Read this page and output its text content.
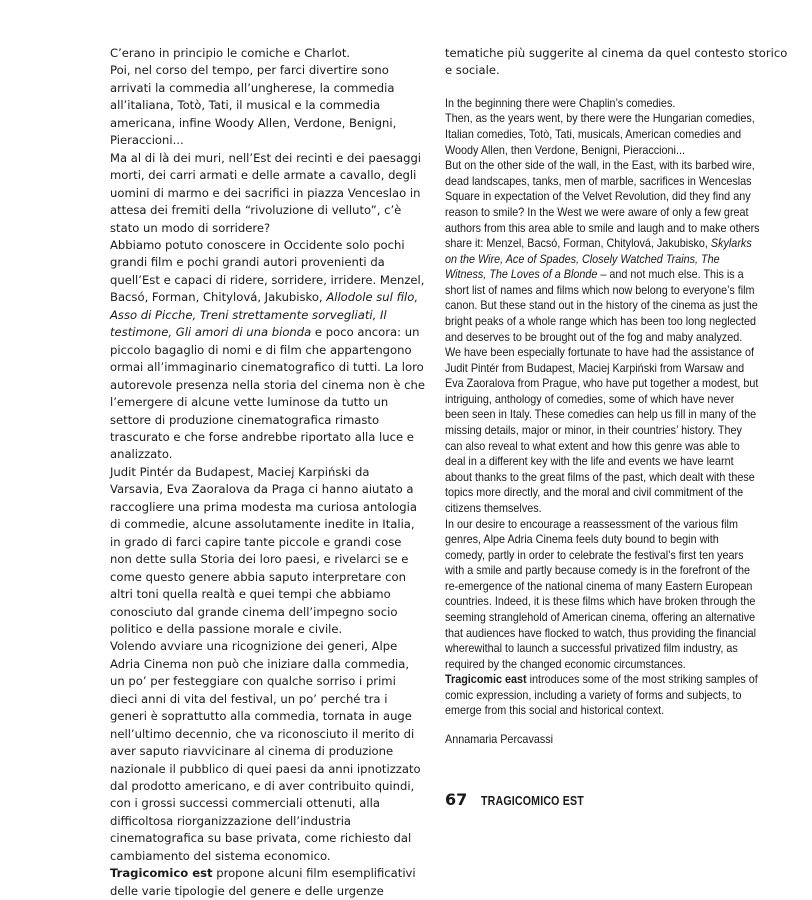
C’erano in principio le comiche e Charlot.

Poi, nel corso del tempo, per farci divertire sono arrivati la commedia all’ungherese, la commedia all’italiana, Totò, Tati, il musical e la commedia americana, infine Woody Allen, Verdone, Benigni, Pieraccioni...

Ma al di là dei muri, nell’Est dei recinti e dei paesaggi morti, dei carri armati e delle armate a cavallo, degli uomini di marmo e dei sacrifici in piazza Venceslao in attesa dei fremiti della “rivoluzione di velluto”, c’è stato un modo di sorridere?

Abbiamo potuto conoscere in Occidente solo pochi grandi film e pochi grandi autori provenienti da quell’Est e capaci di ridere, sorridere, irridere. Menzel, Bacsó, Forman, Chitylová, Jakubisko, Allodole sul filo, Asso di Picche, Treni strettamente sorvegliati, Il testimone, Gli amori di una bionda e poco ancora: un piccolo bagaglio di nomi e di film che appartengono ormai all’immaginario cinematografico di tutti. La loro autorevole presenza nella storia del cinema non è che l’emergere di alcune vette luminose da tutto un settore di produzione cinematografica rimasto trascurato e che forse andrebbe riportato alla luce e analizzato.

Judit Pintér da Budapest, Maciej Karpiński da Varsavia, Eva Zaoralova da Praga ci hanno aiutato a raccogliere una prima modesta ma curiosa antologia di commedie, alcune assolutamente inedite in Italia, in grado di farci capire tante piccole e grandi cose non dette sulla Storia dei loro paesi, e rivelarci se e come questo genere abbia saputo interpretare con altri toni quella realtà e quei tempi che abbiamo conosciuto dal grande cinema dell’impegno socio politico e della passione morale e civile.

Volendo avviare una ricognizione dei generi, Alpe Adria Cinema non può che iniziare dalla commedia, un po’ per festeggiare con qualche sorriso i primi dieci anni di vita del festival, un po’ perché tra i generi è soprattutto alla commedia, tornata in auge nell’ultimo decennio, che va riconosciuto il merito di aver saputo riavvicinare al cinema di produzione nazionale il pubblico di quei paesi da anni ipnotizzato dal prodotto americano, e di aver contribuito quindi, con i grossi successi commerciali ottenuti, alla difficoltosa riorganizzazione dell’industria cinematografica su base privata, come richiesto dal cambiamento del sistema economico.

Tragicomico est propone alcuni film esemplificativi delle varie tipologie del genere e delle urgenze

tematiche più suggerite al cinema da quel contesto storico e sociale.

In the beginning there were Chaplin’s comedies.

Then, as the years went, by there were the Hungarian comedies, Italian comedies, Totò, Tati, musicals, American comedies and Woody Allen, then Verdone, Benigni, Pieraccioni...

But on the other side of the wall, in the East, with its barbed wire, dead landscapes, tanks, men of marble, sacrifices in Wenceslas Square in expectation of the Velvet Revolution, did they find any reason to smile? In the West we were aware of only a few great authors from this area able to smile and laugh and to make others share it: Menzel, Bacsó, Forman, Chitylová, Jakubisko, Skylarks on the Wire, Ace of Spades, Closely Watched Trains, The Witness, The Loves of a Blonde – and not much else. This is a short list of names and films which now belong to everyone’s film canon. But these stand out in the history of the cinema as just the bright peaks of a whole range which has been too long neglected and deserves to be brought out of the fog and maby analyzed.

We have been especially fortunate to have had the assistance of Judit Pintér from Budapest, Maciej Karpiński from Warsaw and Eva Zaoralova from Prague, who have put together a modest, but intriguing, anthology of comedies, some of which have never been seen in Italy. These comedies can help us fill in many of the missing details, major or minor, in their countries’ history. They can also reveal to what extent and how this genre was able to deal in a different key with the life and events we have learnt about thanks to the great films of the past, which dealt with these topics more directly, and the moral and civil commitment of the citizens themselves.

In our desire to encourage a reassessment of the various film genres, Alpe Adria Cinema feels duty bound to begin with comedy, partly in order to celebrate the festival’s first ten years with a smile and partly because comedy is in the forefront of the re-emergence of the national cinema of many Eastern European countries. Indeed, it is these films which have broken through the seeming stranglehold of American cinema, offering an alternative that audiences have flocked to watch, thus providing the financial wherewithal to launch a successful privatized film industry, as required by the changed economic circumstances.

Tragicomic east introduces some of the most striking samples of comic expression, including a variety of forms and subjects, to emerge from this social and historical context.

Annamaria Percavassi
67 TRAGICOMICO EST
